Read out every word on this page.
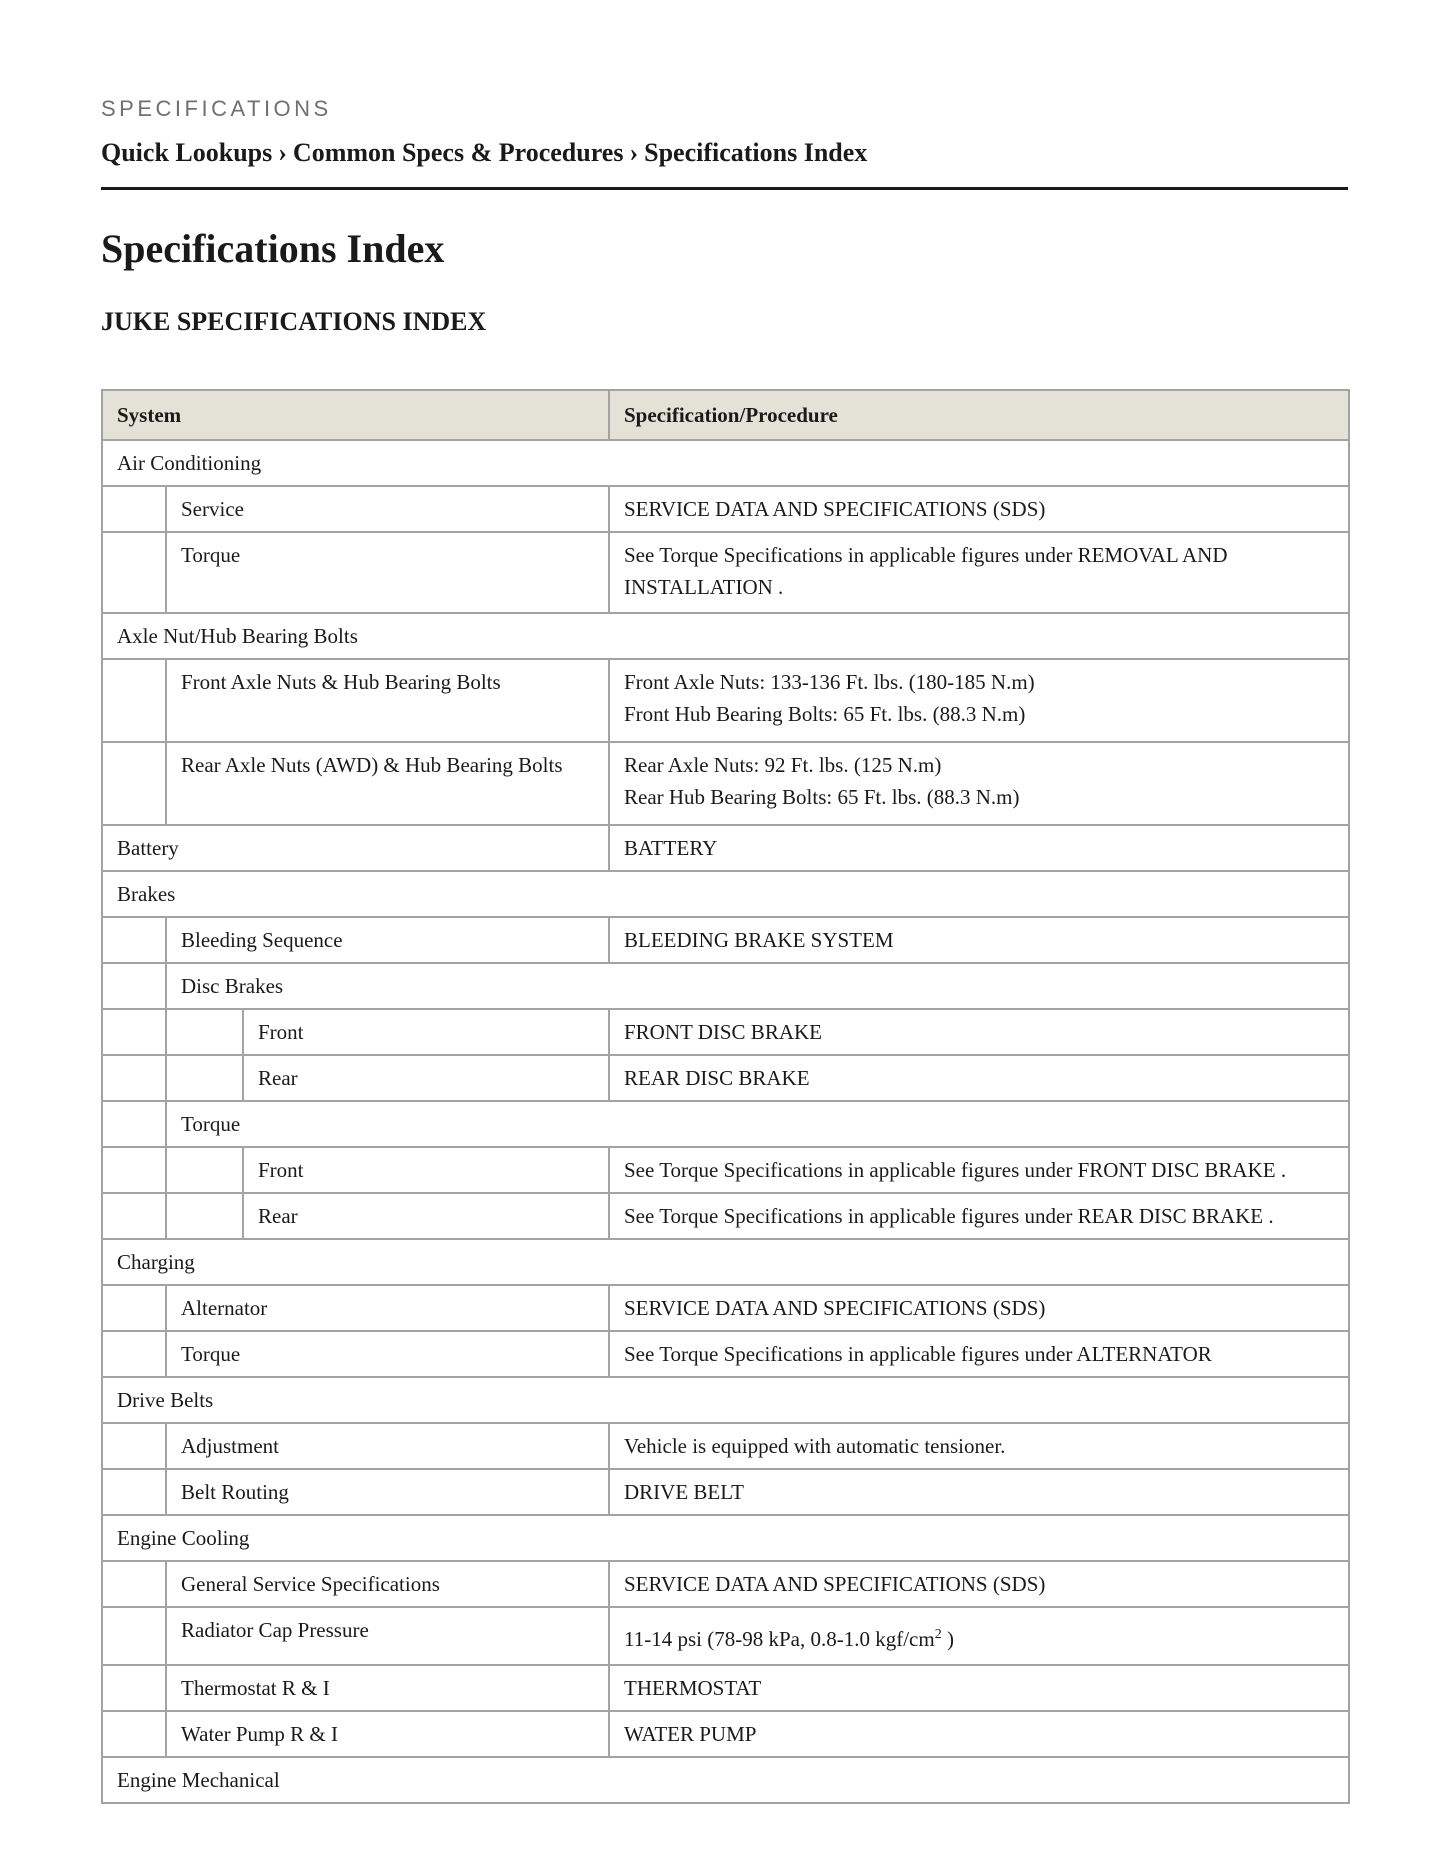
SPECIFICATIONS
Quick Lookups › Common Specs & Procedures › Specifications Index
Specifications Index
JUKE SPECIFICATIONS INDEX
System			Specification/Procedure
Air Conditioning			
	Service		SERVICE DATA AND SPECIFICATIONS (SDS)
	Torque		See Torque Specifications in applicable figures under REMOVAL AND INSTALLATION .
Axle Nut/Hub Bearing Bolts			
	Front Axle Nuts & Hub Bearing Bolts		Front Axle Nuts: 133-136 Ft. lbs. (180-185 N.m)
Front Hub Bearing Bolts: 65 Ft. lbs. (88.3 N.m)

	Rear Axle Nuts (AWD) & Hub Bearing Bolts		Rear Axle Nuts: 92 Ft. lbs. (125 N.m)
Rear Hub Bearing Bolts: 65 Ft. lbs. (88.3 N.m)

Battery			BATTERY
Brakes			
	Bleeding Sequence		BLEEDING BRAKE SYSTEM
	Disc Brakes		
		Front	FRONT DISC BRAKE
		Rear	REAR DISC BRAKE
	Torque		
		Front	See Torque Specifications in applicable figures under FRONT DISC BRAKE .
		Rear	See Torque Specifications in applicable figures under REAR DISC BRAKE .
Charging			
	Alternator		SERVICE DATA AND SPECIFICATIONS (SDS)
	Torque		See Torque Specifications in applicable figures under ALTERNATOR
Drive Belts			
	Adjustment		Vehicle is equipped with automatic tensioner.
	Belt Routing		DRIVE BELT
Engine Cooling			
	General Service Specifications		SERVICE DATA AND SPECIFICATIONS (SDS)
	Radiator Cap Pressure		11-14 psi (78-98 kPa, 0.8-1.0 kgf/$cm^2$ )
	Thermostat R & I		THERMOSTAT
	Water Pump R & I		WATER PUMP
Engine Mechanical			
